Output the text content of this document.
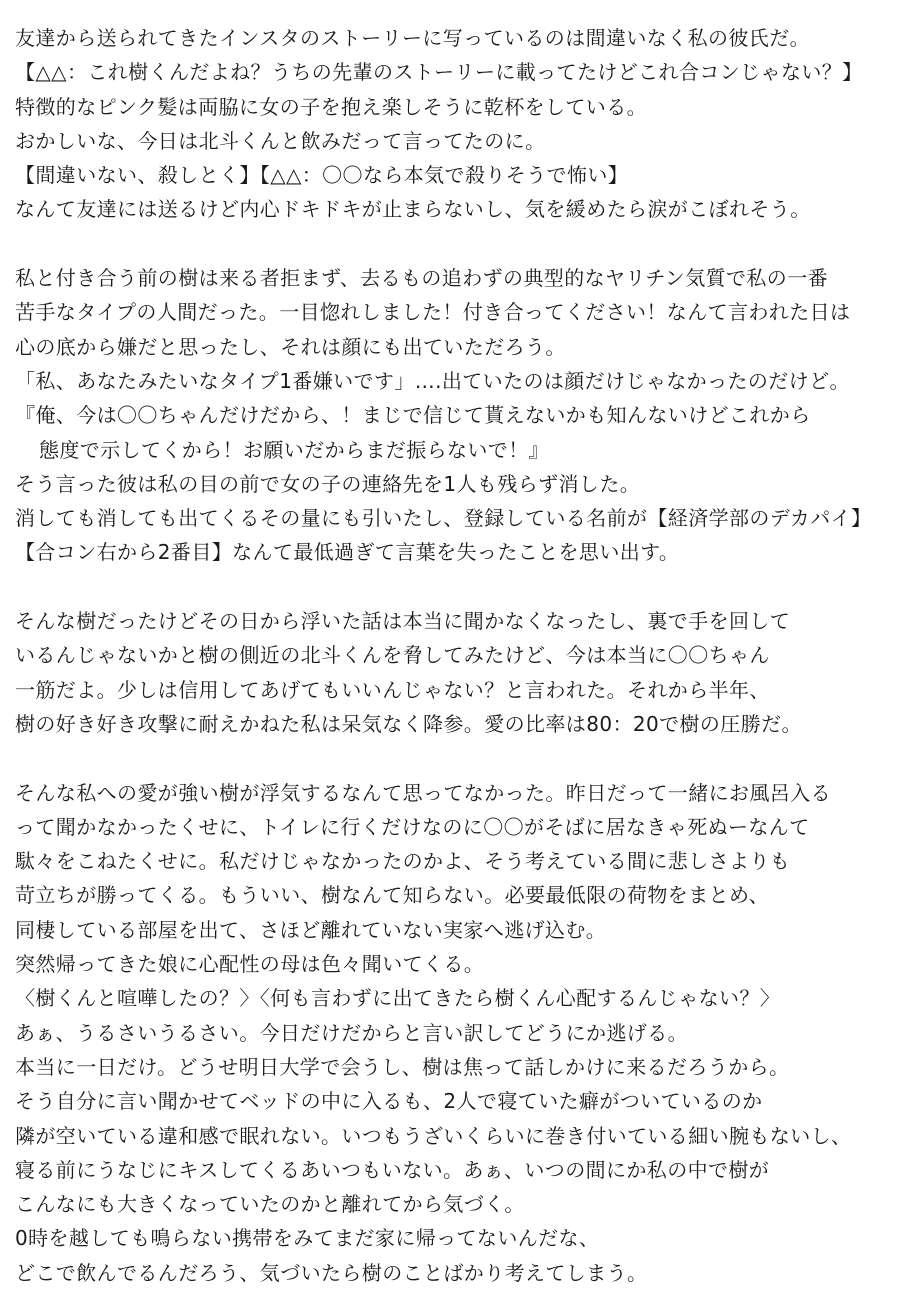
友達から送られてきたインスタのストーリーに写っているのは間違いなく私の彼氏だ。
【△△：これ樹くんだよね？うちの先輩のストーリーに載ってたけどこれ合コンじゃない？】
特徴的なピンク髪は両脇に女の子を抱え楽しそうに乾杯をしている。
おかしいな、今日は北斗くんと飲みだって言ってたのに。
【間違いない、殺しとく】【△△：〇〇なら本気で殺りそうで怖い】
なんて友達には送るけど内心ドキドキが止まらないし、気を緩めたら涙がこぼれそう。
私と付き合う前の樹は来る者拒まず、去るもの追わずの典型的なヤリチン気質で私の一番
苦手なタイプの人間だった。一目惚れしました！付き合ってください！なんて言われた日は
心の底から嫌だと思ったし、それは顔にも出ていただろう。
「私、あなたみたいなタイプ1番嫌いです」….出ていたのは顔だけじゃなかったのだけど。
『俺、今は〇〇ちゃんだけだから、！まじで信じて貰えないかも知んないけどこれから
態度で示してくから！お願いだからまだ振らないで！』
そう言った彼は私の目の前で女の子の連絡先を1人も残らず消した。
消しても消しても出てくるその量にも引いたし、登録している名前が【経済学部のデカパイ】
【合コン右から2番目】なんて最低過ぎて言葉を失ったことを思い出す。
そんな樹だったけどその日から浮いた話は本当に聞かなくなったし、裏で手を回して
いるんじゃないかと樹の側近の北斗くんを脅してみたけど、今は本当に〇〇ちゃん
一筋だよ。少しは信用してあげてもいいんじゃない？と言われた。それから半年、
樹の好き好き攻撃に耐えかねた私は呆気なく降参。愛の比率は80：20で樹の圧勝だ。
そんな私への愛が強い樹が浮気するなんて思ってなかった。昨日だって一緒にお風呂入る
って聞かなかったくせに、トイレに行くだけなのに〇〇がそばに居なきゃ死ぬーなんて
駄々をこねたくせに。私だけじゃなかったのかよ、そう考えている間に悲しさよりも
苛立ちが勝ってくる。もういい、樹なんて知らない。必要最低限の荷物をまとめ、
同棲している部屋を出て、さほど離れていない実家へ逃げ込む。
突然帰ってきた娘に心配性の母は色々聞いてくる。
〈樹くんと喧嘩したの？〉〈何も言わずに出てきたら樹くん心配するんじゃない？〉
あぁ、うるさいうるさい。今日だけだからと言い訳してどうにか逃げる。
本当に一日だけ。どうせ明日大学で会うし、樹は焦って話しかけに来るだろうから。
そう自分に言い聞かせてベッドの中に入るも、2人で寝ていた癖がついているのか
隣が空いている違和感で眠れない。いつもうざいくらいに巻き付いている細い腕もないし、
寝る前にうなじにキスしてくるあいつもいない。あぁ、いつの間にか私の中で樹が
こんなにも大きくなっていたのかと離れてから気づく。
0時を越しても鳴らない携帯をみてまだ家に帰ってないんだな、
どこで飲んでるんだろう、気づいたら樹のことばかり考えてしまう。
